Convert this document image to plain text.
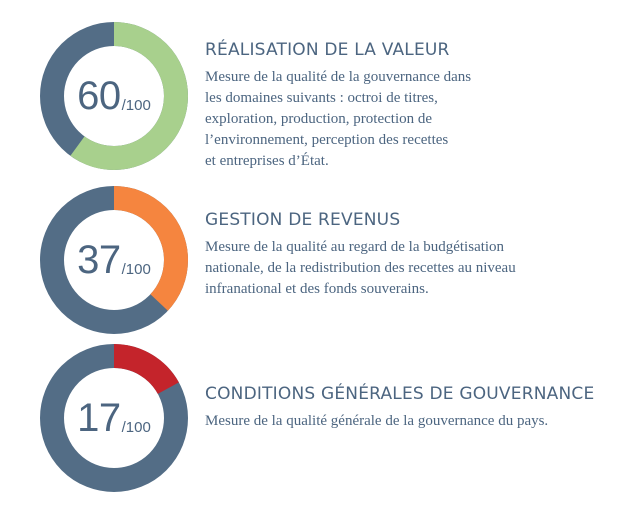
60 /100
RÉALISATION DE LA VALEUR

Mesure de la qualité de la gouvernance dans
les domaines suivants : octroi de titres,
exploration, production, protection de
l’environnement, perception des recettes
et entreprises d’État.

37 /100
GESTION DE REVENUS

Mesure de la qualité au regard de la budgétisation
nationale, de la redistribution des recettes au niveau
infranational et des fonds souverains.

17 /100
CONDITIONS GÉNÉRALES DE GOUVERNANCE

Mesure de la qualité générale de la gouvernance du pays.
